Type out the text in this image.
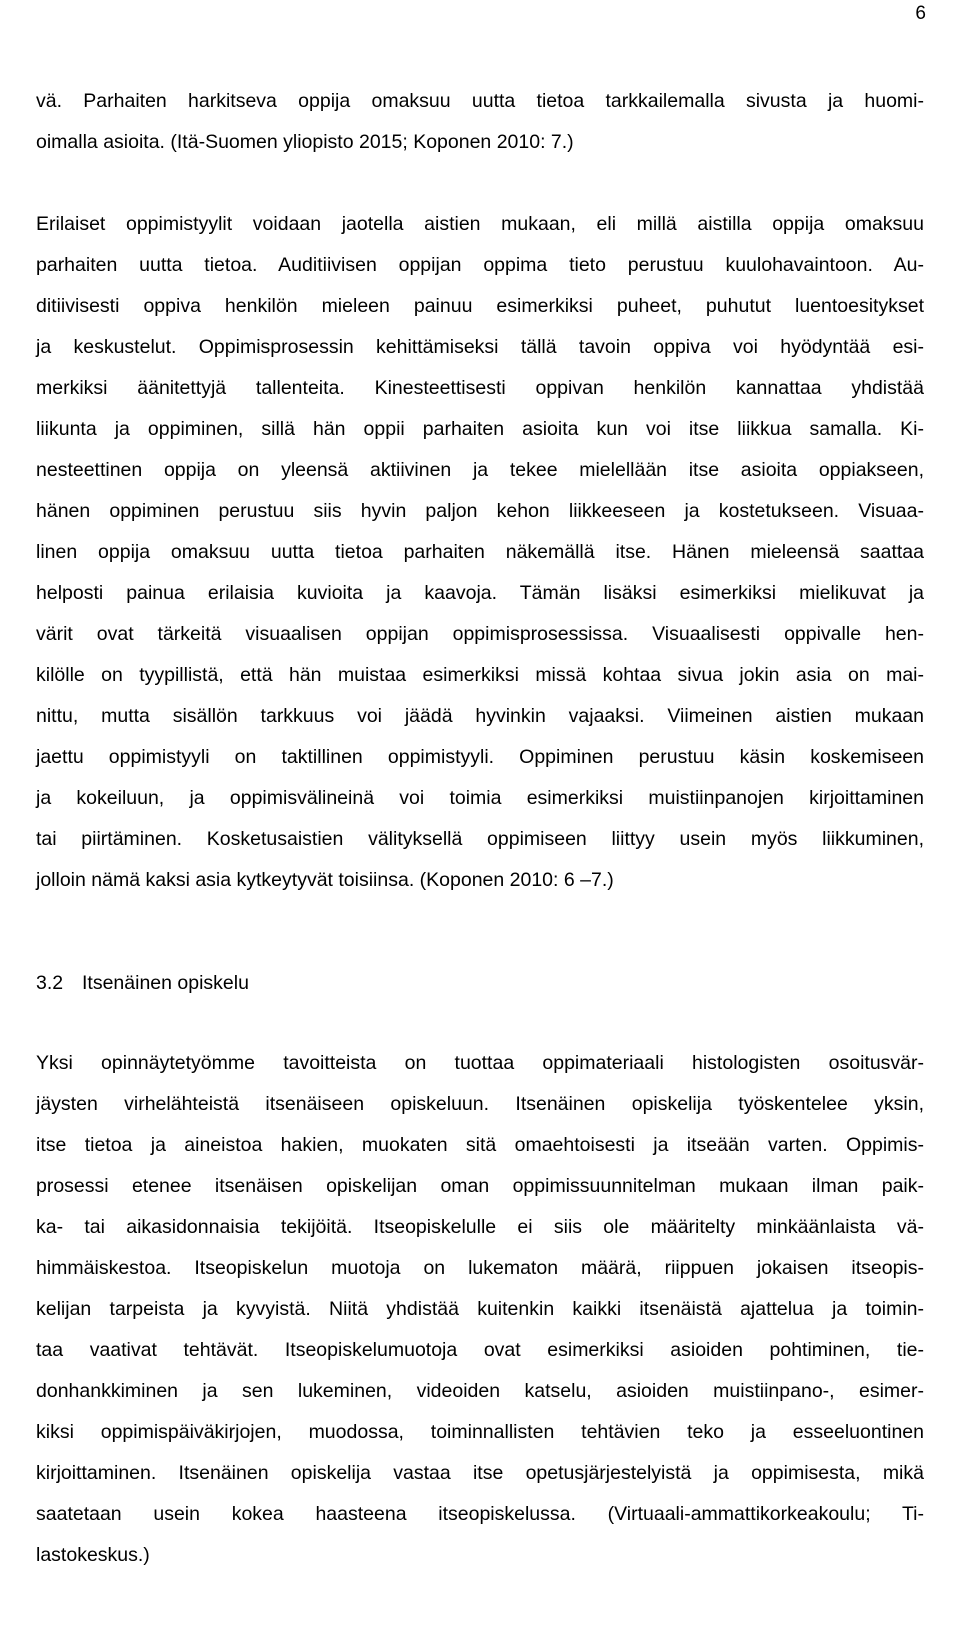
6
vä. Parhaiten harkitseva oppija omaksuu uutta tietoa tarkkailemalla sivusta ja huomi-
oimalla asioita. (Itä-Suomen yliopisto 2015; Koponen 2010: 7.)
Erilaiset oppimistyylit voidaan jaotella aistien mukaan, eli millä aistilla oppija omaksuu
parhaiten uutta tietoa. Auditiivisen oppijan oppima tieto perustuu kuulohavaintoon. Au-
ditiivisesti oppiva henkilön mieleen painuu esimerkiksi puheet, puhutut luentoesitykset
ja keskustelut. Oppimisprosessin kehittämiseksi tällä tavoin oppiva voi hyödyntää esi-
merkiksi äänitettyjä tallenteita. Kinesteettisesti oppivan henkilön kannattaa yhdistää
liikunta ja oppiminen, sillä hän oppii parhaiten asioita kun voi itse liikkua samalla. Ki-
nesteettinen oppija on yleensä aktiivinen ja tekee mielellään itse asioita oppiakseen,
hänen oppiminen perustuu siis hyvin paljon kehon liikkeeseen ja kostetukseen. Visuaa-
linen oppija omaksuu uutta tietoa parhaiten näkemällä itse. Hänen mieleensä saattaa
helposti painua erilaisia kuvioita ja kaavoja. Tämän lisäksi esimerkiksi mielikuvat ja
värit ovat tärkeitä visuaalisen oppijan oppimisprosessissa. Visuaalisesti oppivalle hen-
kilölle on tyypillistä, että hän muistaa esimerkiksi missä kohtaa sivua jokin asia on mai-
nittu, mutta sisällön tarkkuus voi jäädä hyvinkin vajaaksi. Viimeinen aistien mukaan
jaettu oppimistyyli on taktillinen oppimistyyli. Oppiminen perustuu käsin koskemiseen
ja kokeiluun, ja oppimisvälineinä voi toimia esimerkiksi muistiinpanojen kirjoittaminen
tai piirtäminen. Kosketusaistien välityksellä oppimiseen liittyy usein myös liikkuminen,
jolloin nämä kaksi asia kytkeytyvät toisiinsa. (Koponen 2010: 6 –7.)
3.2 Itsenäinen opiskelu
Yksi opinnäytetyömme tavoitteista on tuottaa oppimateriaali histologisten osoitusvär-
jäysten virhelähteistä itsenäiseen opiskeluun. Itsenäinen opiskelija työskentelee yksin,
itse tietoa ja aineistoa hakien, muokaten sitä omaehtoisesti ja itseään varten. Oppimis-
prosessi etenee itsenäisen opiskelijan oman oppimissuunnitelman mukaan ilman paik-
ka- tai aikasidonnaisia tekijöitä. Itseopiskelulle ei siis ole määritelty minkäänlaista vä-
himmäiskestoa. Itseopiskelun muotoja on lukematon määrä, riippuen jokaisen itseopis-
kelijan tarpeista ja kyvyistä. Niitä yhdistää kuitenkin kaikki itsenäistä ajattelua ja toimin-
taa vaativat tehtävät. Itseopiskelumuotoja ovat esimerkiksi asioiden pohtiminen, tie-
donhankkiminen ja sen lukeminen, videoiden katselu, asioiden muistiinpano-, esimer-
kiksi oppimispäiväkirjojen, muodossa, toiminnallisten tehtävien teko ja esseeluontinen
kirjoittaminen. Itsenäinen opiskelija vastaa itse opetusjärjestelyistä ja oppimisesta, mikä
saatetaan usein kokea haasteena itseopiskelussa. (Virtuaali-ammattikorkeakoulu; Ti-
lastokeskus.)
